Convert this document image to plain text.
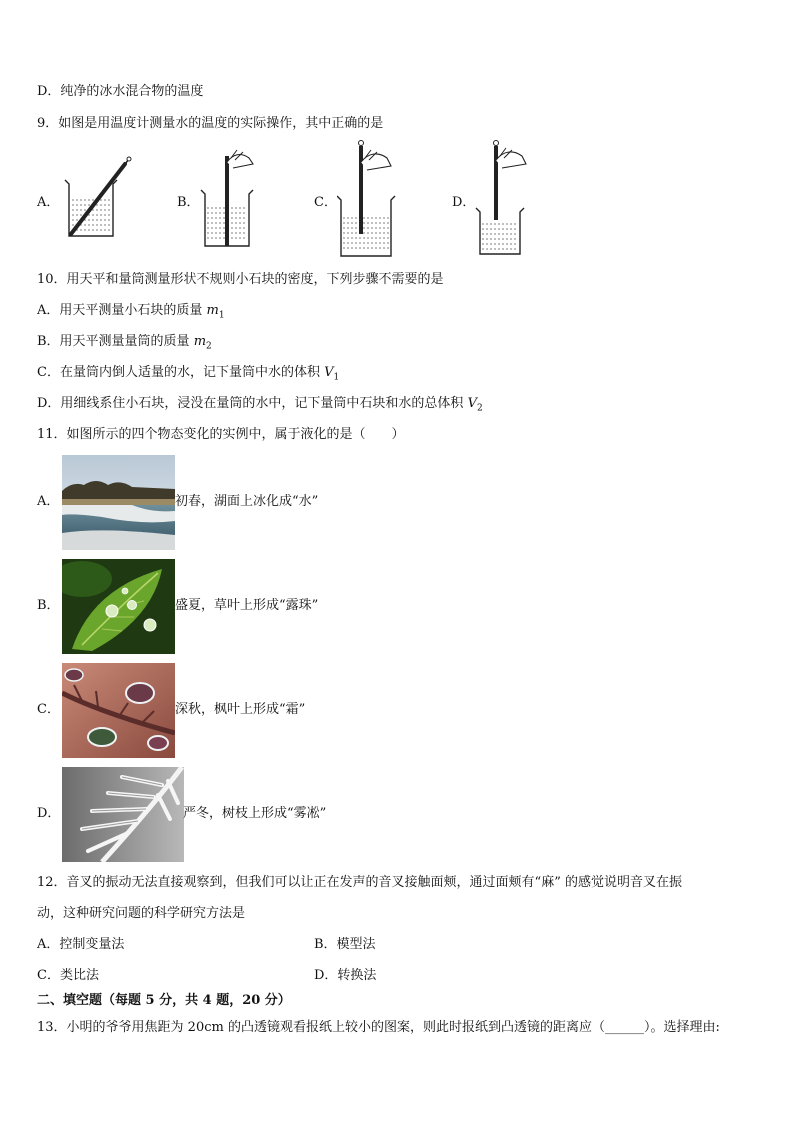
D．纯净的冰水混合物的温度
9．如图是用温度计测量水的温度的实际操作，其中正确的是
A．	B．	C．	D．
10．用天平和量筒测量形状不规则小石块的密度，下列步骤不需要的是
A．用天平测量小石块的质量 $m_1$
B．用天平测量量筒的质量 $m_2$
C．在量筒内倒人适量的水，记下量筒中水的体积 $V_1$
D．用细线系住小石块，浸没在量筒的水中，记下量筒中石块和水的总体积 $V_2$
11．如图所示的四个物态变化的实例中，属于液化的是（　　）
A．	初春，湖面上冰化成“水”
B．	盛夏，草叶上形成“露珠”
C．	深秋，枫叶上形成“霜”
D．	严冬，树枝上形成“雾凇”
12．音叉的振动无法直接观察到，但我们可以让正在发声的音叉接触面颊，通过面颊有“麻” 的感觉说明音叉在振
动，这种研究问题的科学研究方法是
A．控制变量法	B．模型法
C．类比法	D．转换法
二、填空题（每题 5 分，共 4 题，20 分）
13．小明的爷爷用焦距为 20cm 的凸透镜观看报纸上较小的图案，则此时报纸到凸透镜的距离应（______）。选择理由:
